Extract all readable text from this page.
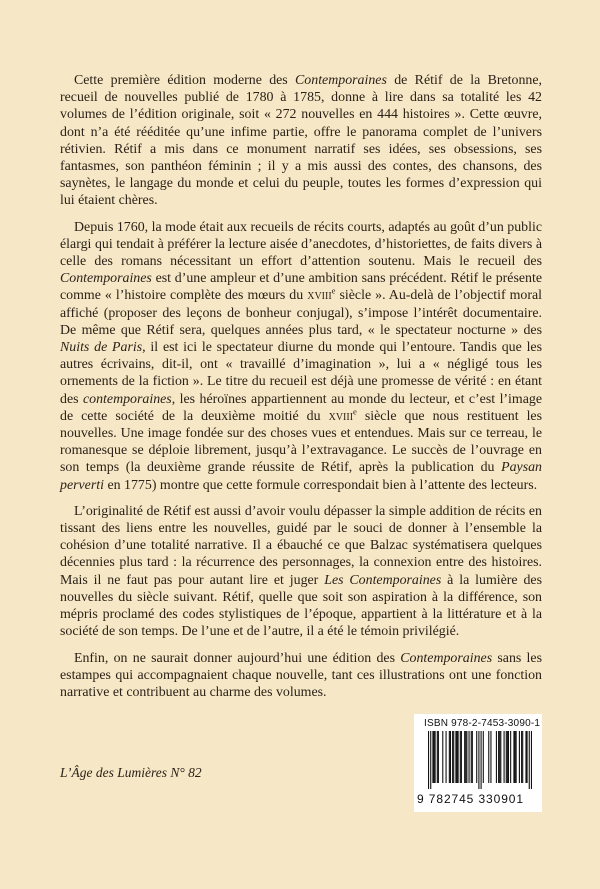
Cette première édition moderne des Contemporaines de Rétif de la Bretonne, recueil de nouvelles publié de 1780 à 1785, donne à lire dans sa totalité les 42 volumes de l’édition originale, soit « 272 nouvelles en 444 histoires ». Cette œuvre, dont n’a été rééditée qu’une infime partie, offre le panorama complet de l’univers rétivien. Rétif a mis dans ce monument narratif ses idées, ses obsessions, ses fantasmes, son panthéon féminin ; il y a mis aussi des contes, des chansons, des saynètes, le langage du monde et celui du peuple, toutes les formes d’expression qui lui étaient chères.

Depuis 1760, la mode était aux recueils de récits courts, adaptés au goût d’un public élargi qui tendait à préférer la lecture aisée d’anecdotes, d’historiettes, de faits divers à celle des romans nécessitant un effort d’attention soutenu. Mais le recueil des Contemporaines est d’une ampleur et d’une ambition sans précédent. Rétif le présente comme « l’histoire complète des mœurs du xviii$^e$ siècle ». Au-delà de l’objectif moral affiché (proposer des leçons de bonheur conjugal), s’impose l’intérêt documentaire. De même que Rétif sera, quelques années plus tard, « le spectateur nocturne » des Nuits de Paris, il est ici le spectateur diurne du monde qui l’entoure. Tandis que les autres écrivains, dit-il, ont « travaillé d’imagination », lui a « négligé tous les ornements de la fiction ». Le titre du recueil est déjà une promesse de vérité : en étant des contemporaines, les héroïnes appartiennent au monde du lecteur, et c’est l’image de cette société de la deuxième moitié du xviii$^e$ siècle que nous restituent les nouvelles. Une image fondée sur des choses vues et entendues. Mais sur ce terreau, le romanesque se déploie librement, jusqu’à l’extravagance. Le succès de l’ouvrage en son temps (la deuxième grande réussite de Rétif, après la publication du Paysan perverti en 1775) montre que cette formule correspondait bien à l’attente des lecteurs.

L’originalité de Rétif est aussi d’avoir voulu dépasser la simple addition de récits en tissant des liens entre les nouvelles, guidé par le souci de donner à l’ensemble la cohésion d’une totalité narrative. Il a ébauché ce que Balzac systématisera quelques décennies plus tard : la récurrence des personnages, la connexion entre des histoires. Mais il ne faut pas pour autant lire et juger Les Contemporaines à la lumière des nouvelles du siècle suivant. Rétif, quelle que soit son aspiration à la différence, son mépris proclamé des codes stylistiques de l’époque, appartient à la littérature et à la société de son temps. De l’une et de l’autre, il a été le témoin privilégié.

Enfin, on ne saurait donner aujourd’hui une édition des Contemporaines sans les estampes qui accompagnaient chaque nouvelle, tant ces illustrations ont une fonction narrative et contribuent au charme des volumes.

L’Âge des Lumières N° 82
ISBN 978-2-7453-3090-1
9 782745 330901
